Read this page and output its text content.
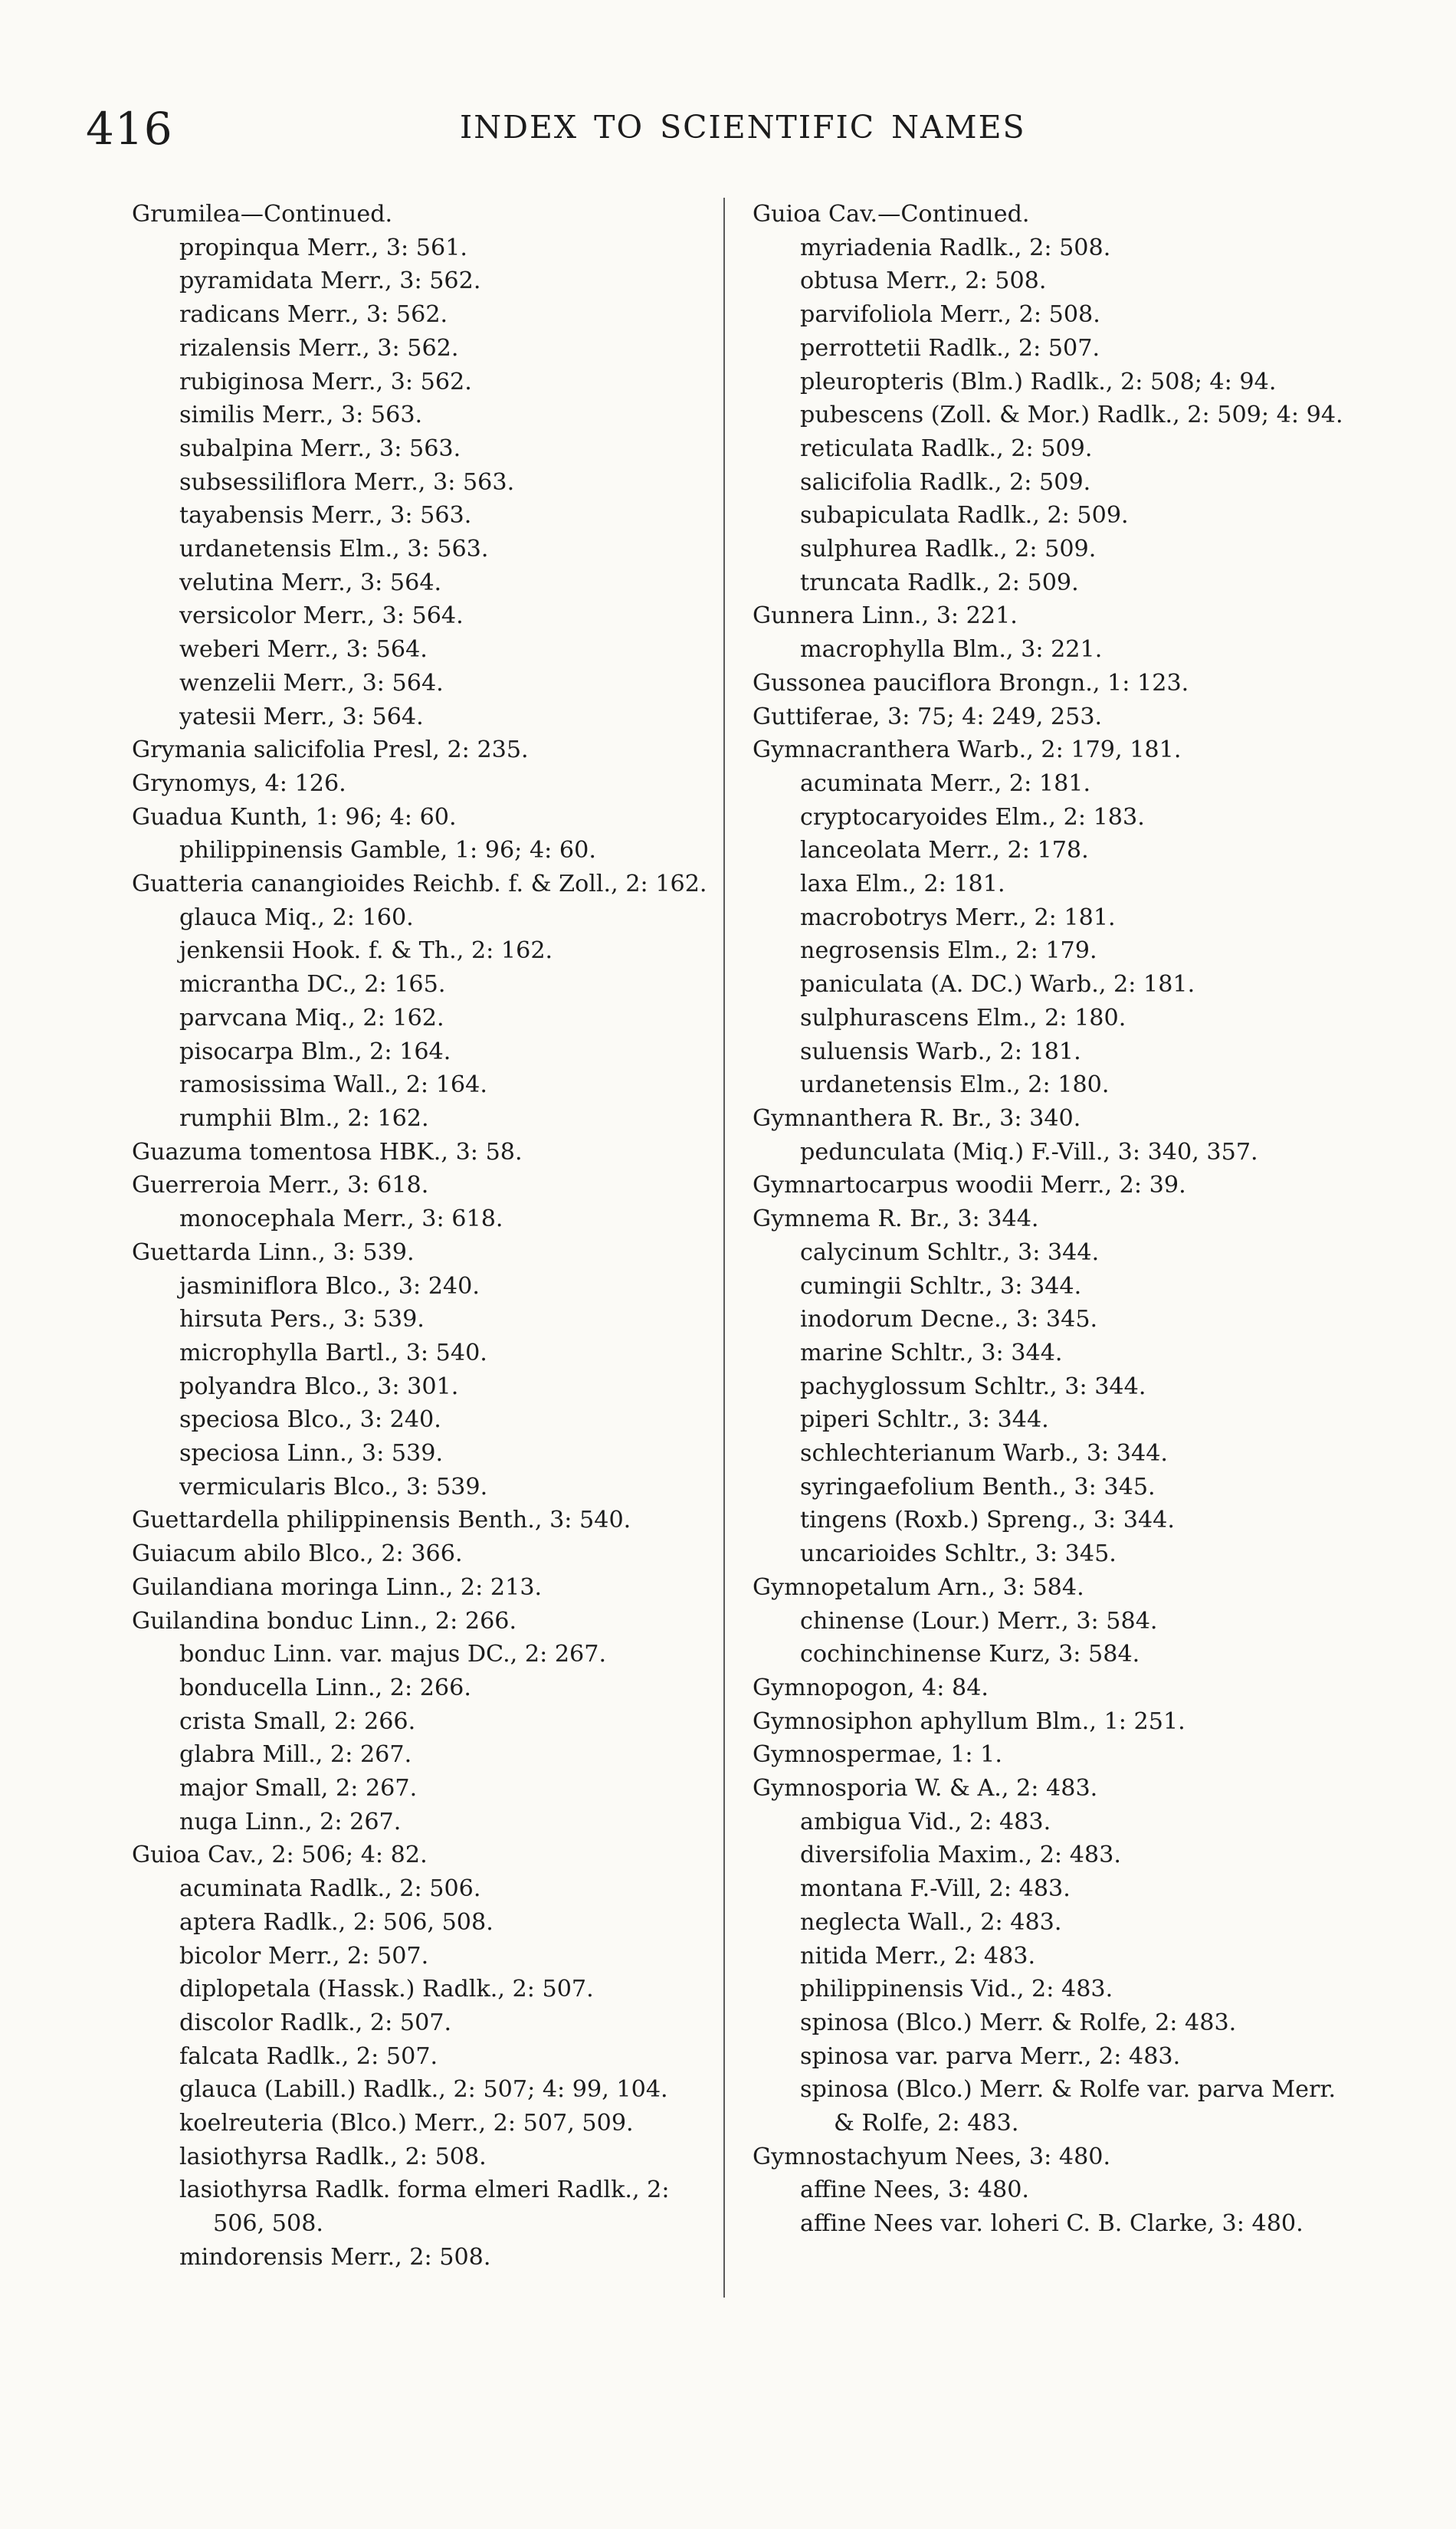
416	INDEX TO SCIENTIFIC NAMES
Grumilea—Continued.
propinqua Merr., 3: 561.
pyramidata Merr., 3: 562.
radicans Merr., 3: 562.
rizalensis Merr., 3: 562.
rubiginosa Merr., 3: 562.
similis Merr., 3: 563.
subalpina Merr., 3: 563.
subsessiliflora Merr., 3: 563.
tayabensis Merr., 3: 563.
urdanetensis Elm., 3: 563.
velutina Merr., 3: 564.
versicolor Merr., 3: 564.
weberi Merr., 3: 564.
wenzelii Merr., 3: 564.
yatesii Merr., 3: 564.
Grymania salicifolia Presl, 2: 235.
Grynomys, 4: 126.
Guadua Kunth, 1: 96; 4: 60.
philippinensis Gamble, 1: 96; 4: 60.
Guatteria canangioides Reichb. f. & Zoll., 2: 162.
glauca Miq., 2: 160.
jenkensii Hook. f. & Th., 2: 162.
micrantha DC., 2: 165.
parvcana Miq., 2: 162.
pisocarpa Blm., 2: 164.
ramosissima Wall., 2: 164.
rumphii Blm., 2: 162.
Guazuma tomentosa HBK., 3: 58.
Guerreroia Merr., 3: 618.
monocephala Merr., 3: 618.
Guettarda Linn., 3: 539.
jasminiflora Blco., 3: 240.
hirsuta Pers., 3: 539.
microphylla Bartl., 3: 540.
polyandra Blco., 3: 301.
speciosa Blco., 3: 240.
speciosa Linn., 3: 539.
vermicularis Blco., 3: 539.
Guettardella philippinensis Benth., 3: 540.
Guiacum abilo Blco., 2: 366.
Guilandiana moringa Linn., 2: 213.
Guilandina bonduc Linn., 2: 266.
bonduc Linn. var. majus DC., 2: 267.
bonducella Linn., 2: 266.
crista Small, 2: 266.
glabra Mill., 2: 267.
major Small, 2: 267.
nuga Linn., 2: 267.
Guioa Cav., 2: 506; 4: 82.
acuminata Radlk., 2: 506.
aptera Radlk., 2: 506, 508.
bicolor Merr., 2: 507.
diplopetala (Hassk.) Radlk., 2: 507.
discolor Radlk., 2: 507.
falcata Radlk., 2: 507.
glauca (Labill.) Radlk., 2: 507; 4: 99, 104.
koelreuteria (Blco.) Merr., 2: 507, 509.
lasiothyrsa Radlk., 2: 508.
lasiothyrsa Radlk. forma elmeri Radlk., 2: 506, 508.
mindorensis Merr., 2: 508.
Guioa Cav.—Continued.
myriadenia Radlk., 2: 508.
obtusa Merr., 2: 508.
parvifoliola Merr., 2: 508.
perrottetii Radlk., 2: 507.
pleuropteris (Blm.) Radlk., 2: 508; 4: 94.
pubescens (Zoll. & Mor.) Radlk., 2: 509; 4: 94.
reticulata Radlk., 2: 509.
salicifolia Radlk., 2: 509.
subapiculata Radlk., 2: 509.
sulphurea Radlk., 2: 509.
truncata Radlk., 2: 509.
Gunnera Linn., 3: 221.
macrophylla Blm., 3: 221.
Gussonea pauciflora Brongn., 1: 123.
Guttiferae, 3: 75; 4: 249, 253.
Gymnacranthera Warb., 2: 179, 181.
acuminata Merr., 2: 181.
cryptocaryoides Elm., 2: 183.
lanceolata Merr., 2: 178.
laxa Elm., 2: 181.
macrobotrys Merr., 2: 181.
negrosensis Elm., 2: 179.
paniculata (A. DC.) Warb., 2: 181.
sulphurascens Elm., 2: 180.
suluensis Warb., 2: 181.
urdanetensis Elm., 2: 180.
Gymnanthera R. Br., 3: 340.
pedunculata (Miq.) F.-Vill., 3: 340, 357.
Gymnartocarpus woodii Merr., 2: 39.
Gymnema R. Br., 3: 344.
calycinum Schltr., 3: 344.
cumingii Schltr., 3: 344.
inodorum Decne., 3: 345.
marine Schltr., 3: 344.
pachyglossum Schltr., 3: 344.
piperi Schltr., 3: 344.
schlechterianum Warb., 3: 344.
syringaefolium Benth., 3: 345.
tingens (Roxb.) Spreng., 3: 344.
uncarioides Schltr., 3: 345.
Gymnopetalum Arn., 3: 584.
chinense (Lour.) Merr., 3: 584.
cochinchinense Kurz, 3: 584.
Gymnopogon, 4: 84.
Gymnosiphon aphyllum Blm., 1: 251.
Gymnospermae, 1: 1.
Gymnosporia W. & A., 2: 483.
ambigua Vid., 2: 483.
diversifolia Maxim., 2: 483.
montana F.-Vill, 2: 483.
neglecta Wall., 2: 483.
nitida Merr., 2: 483.
philippinensis Vid., 2: 483.
spinosa (Blco.) Merr. & Rolfe, 2: 483.
spinosa var. parva Merr., 2: 483.
spinosa (Blco.) Merr. & Rolfe var. parva Merr. & Rolfe, 2: 483.
Gymnostachyum Nees, 3: 480.
affine Nees, 3: 480.
affine Nees var. loheri C. B. Clarke, 3: 480.
